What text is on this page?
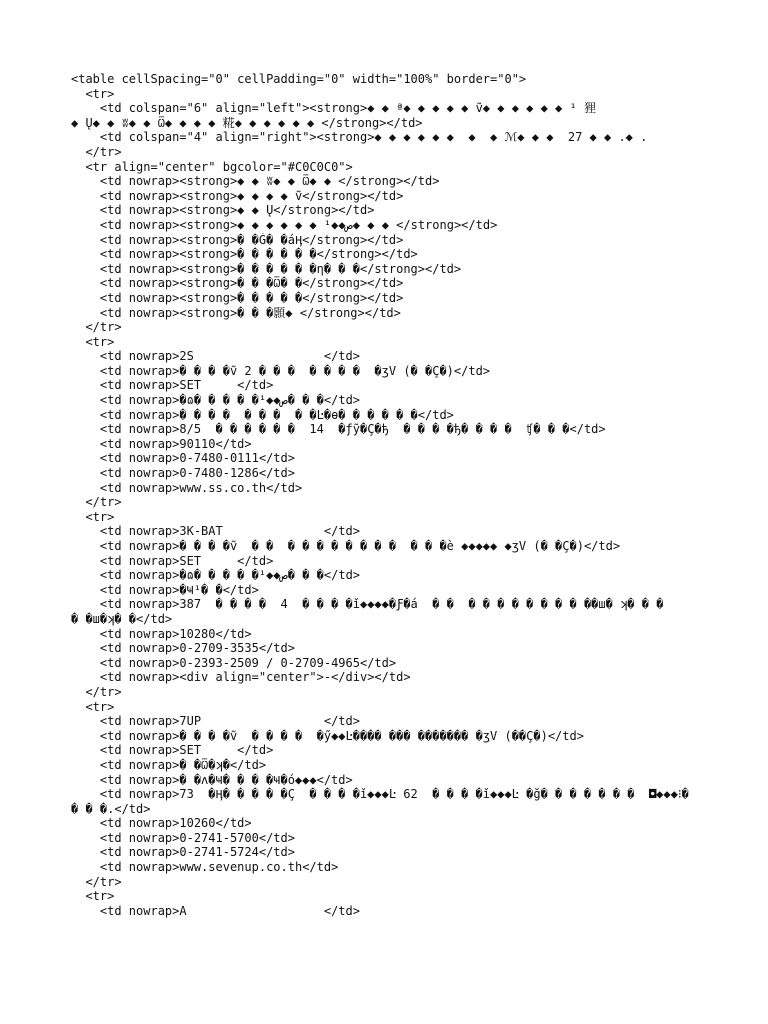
<table cellSpacing="0" cellPadding="0" width="100%" border="0">
<tr>
<td colspan="6" align="left"><strong>◆ ◆ ª◆ ◆ ◆ ◆ ◆ ṽ◆ ◆ ◆ ◆ ◆ ◆ ¹ 狸
◆ Ų◆ ◆ ʬ◆ ◆ Ѿ◆ ◆ ◆ ◆ 糀◆ ◆ ◆ ◆ ◆ ◆ </strong></td>
<td colspan="4" align="right"><strong>◆ ◆ ◆ ◆ ◆ ◆  ◆  ◆ ℳ◆ ◆ ◆  27 ◆ ◆ .◆ .
</tr>
<tr align="center" bgcolor="#C0C0C0">
<td nowrap><strong>◆ ◆ ʬ◆ ◆ Ѿ◆ ◆ </strong></td>
<td nowrap><strong>◆ ◆ ◆ ◆ ṽ</strong></td>
<td nowrap><strong>◆ ◆ Ų</strong></td>
<td nowrap><strong>◆ ◆ ◆ ◆ ◆ ◆ ص◆◆¹◆ ◆ ◆ </strong></td>
<td nowrap><strong>� �Ǵ� �áӉ</strong></td>
<td nowrap><strong>� � � � � �</strong></td>
<td nowrap><strong>� � � � � �ƞ� � �</strong></td>
<td nowrap><strong>� � �Ѿ� �</strong></td>
<td nowrap><strong>� � � � �</strong></td>
<td nowrap><strong>� � �顥◆ </strong></td>
</tr>
<tr>
<td nowrap>2S                  </td>
<td nowrap>� � � �ṽ 2 � � �  � � � �  �ʒV (� �Ç�)</td>
<td nowrap>SET     </td>
<td nowrap>�ɷ� � � � �ص◆◆¹� � �</td>
<td nowrap>� � � �  � � �  � �Ŀ�ɵ� � � � � �</td>
<td nowrap>8/5  � � � � � �  14  �ƒỹ�Ç�ђ  � � � �ђ� � � �  ʧ� � �</td>
<td nowrap>90110</td>
<td nowrap>0-7480-0111</td>
<td nowrap>0-7480-1286</td>
<td nowrap>www.ss.co.th</td>
</tr>
<tr>
<td nowrap>3K-BAT              </td>
<td nowrap>� � � �ṽ  � �  � � � � � � � �  � � �è ◆◆◆◆◆ ◆ʒV (� �Ç�)</td>
<td nowrap>SET     </td>
<td nowrap>�ɷ� � � � �ص◆◆¹� � �</td>
<td nowrap>�Ҹ¹� �</td>
<td nowrap>387  � � � �  4  � � � �ǐ◆◆◆◆�Ƒ�á  � �  � � � � � � � � ��ш� ʞ� � �
� �ш�ʞ� �</td>
<td nowrap>10280</td>
<td nowrap>0-2709-3535</td>
<td nowrap>0-2393-2509 / 0-2709-4965</td>
<td nowrap><div align="center">-</div></td>
</tr>
<tr>
<td nowrap>7UP                 </td>
<td nowrap>� � � �ṽ  � � � �  �ӳ◆◆Ŀ���� ��� ������� �ʒV (��Ç�)</td>
<td nowrap>SET     </td>
<td nowrap>� �Ѿ�ʞ�</td>
<td nowrap>� �ʌ�Ҹ� � � �Ҹ�ó◆◆◆</td>
<td nowrap>73  �Ӊ� � � � �Ç  � � � �ǐ◆◆◆Ŀ 62  � � � �ǐ◆◆◆Ŀ �ğ� � � � � � �  ◘◆◆◆⁝�
� � �.</td>
<td nowrap>10260</td>
<td nowrap>0-2741-5700</td>
<td nowrap>0-2741-5724</td>
<td nowrap>www.sevenup.co.th</td>
</tr>
<tr>
<td nowrap>A                   </td>
